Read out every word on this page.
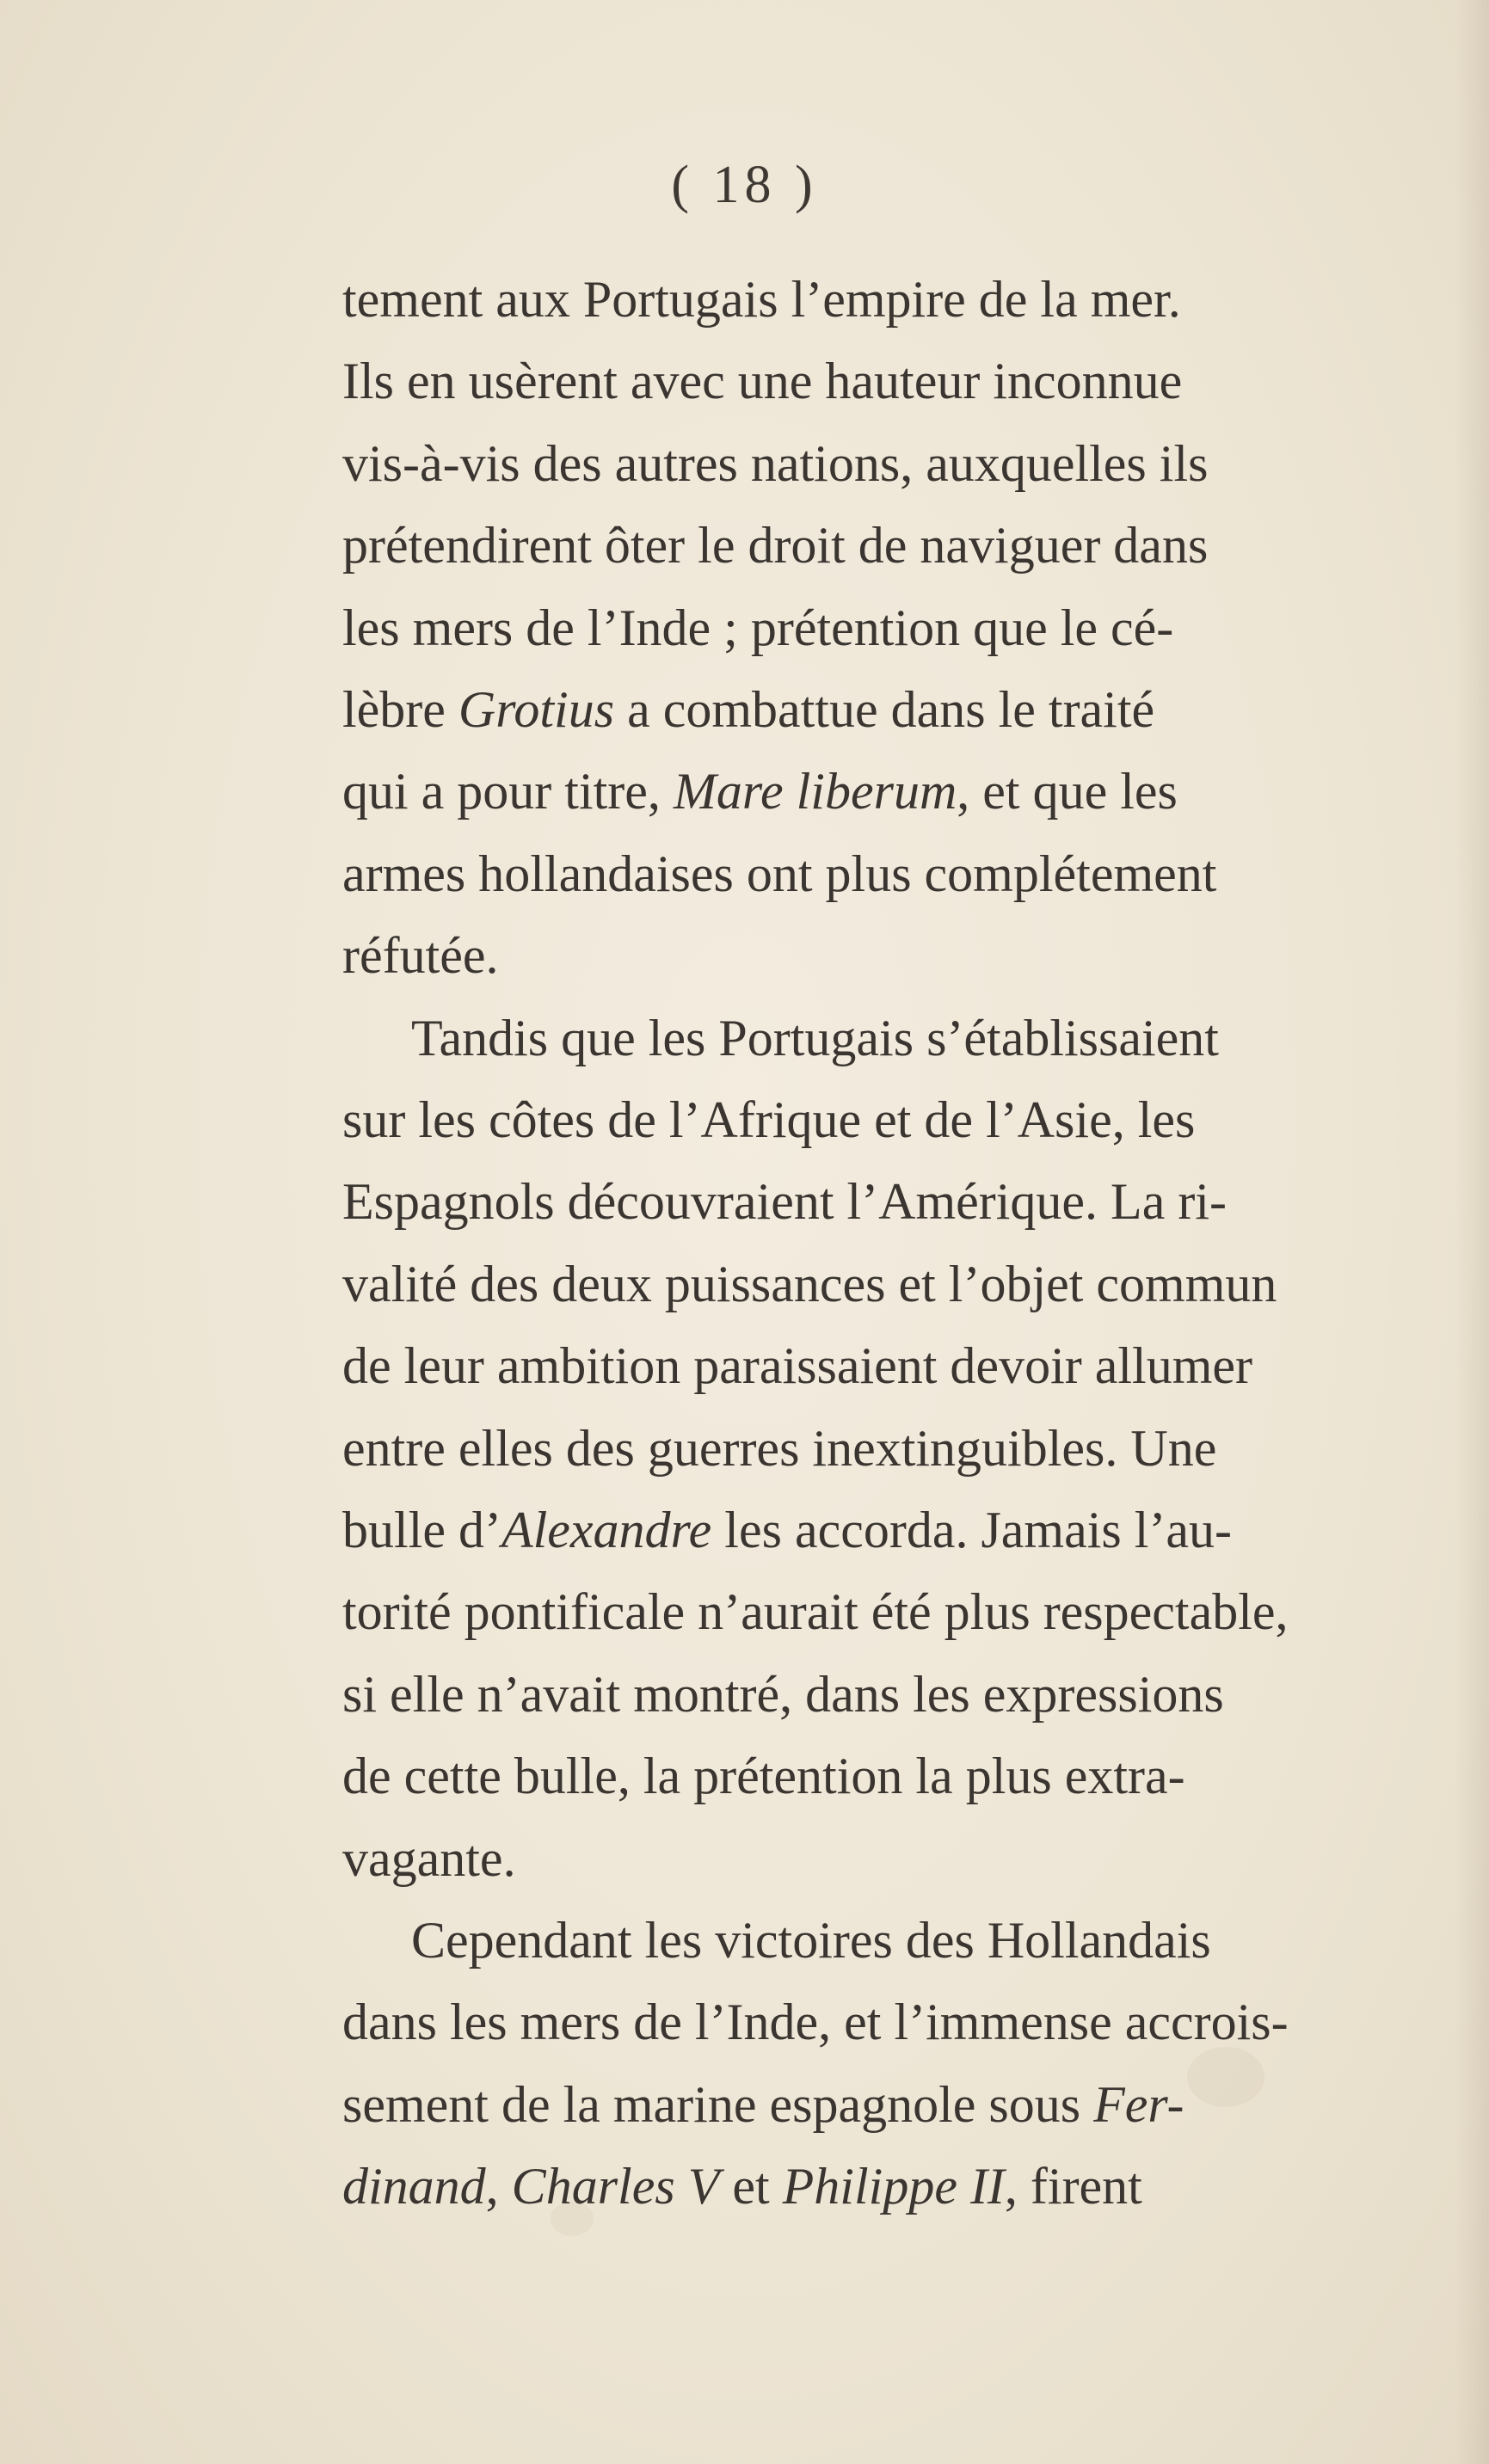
( 18 )
tement aux Portugais l’empire de la mer.
Ils en usèrent avec une hauteur inconnue
vis-à-vis des autres nations, auxquelles ils
prétendirent ôter le droit de naviguer dans
les mers de l’Inde ; prétention que le cé-
lèbre Grotius a combattue dans le traité
qui a pour titre, Mare liberum, et que les
armes hollandaises ont plus complétement
réfutée.
Tandis que les Portugais s’établissaient
sur les côtes de l’Afrique et de l’Asie, les
Espagnols découvraient l’Amérique. La ri-
valité des deux puissances et l’objet commun
de leur ambition paraissaient devoir allumer
entre elles des guerres inextinguibles. Une
bulle d’Alexandre les accorda. Jamais l’au-
torité pontificale n’aurait été plus respectable,
si elle n’avait montré, dans les expressions
de cette bulle, la prétention la plus extra-
vagante.
Cependant les victoires des Hollandais
dans les mers de l’Inde, et l’immense accrois-
sement de la marine espagnole sous Fer-
dinand, Charles V et Philippe II, firent
